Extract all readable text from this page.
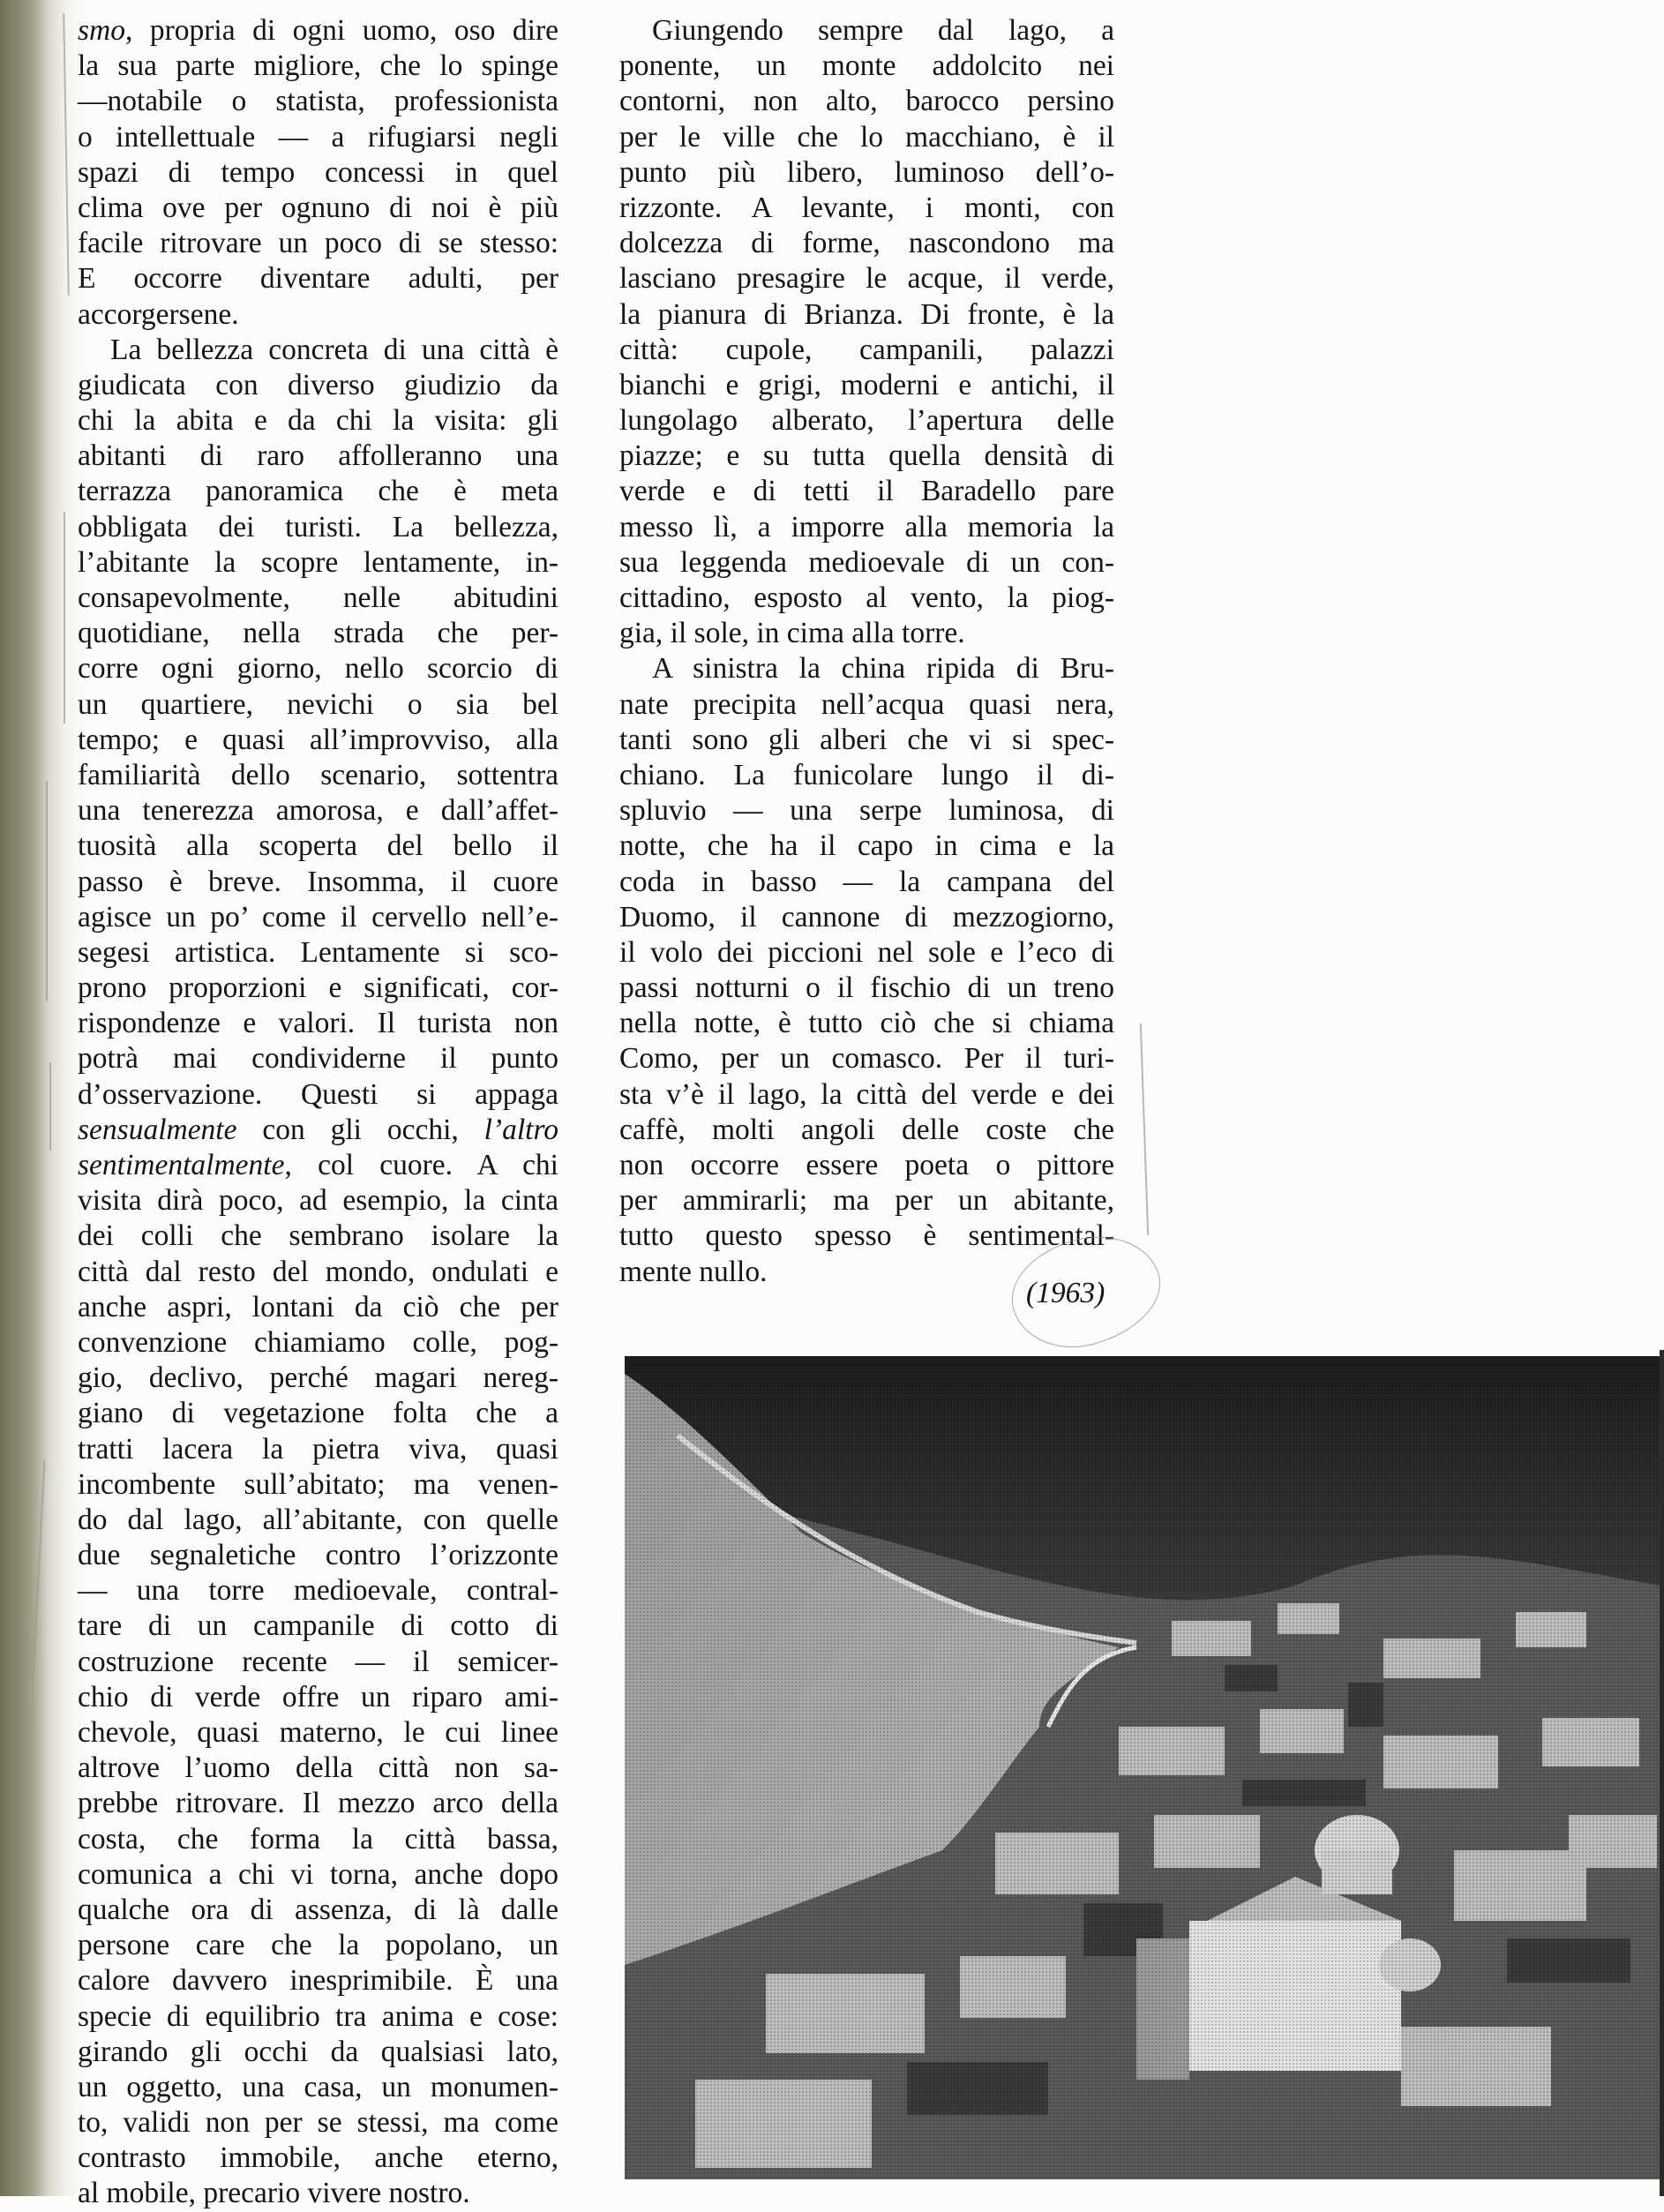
smo, propria di ogni uomo, oso dire
la sua parte migliore, che lo spinge
—notabile o statista, professionista
o intellettuale — a rifugiarsi negli
spazi di tempo concessi in quel
clima ove per ognuno di noi è più
facile ritrovare un poco di se stesso:
E occorre diventare adulti, per
accorgersene.
La bellezza concreta di una città è
giudicata con diverso giudizio da
chi la abita e da chi la visita: gli
abitanti di raro affolleranno una
terrazza panoramica che è meta
obbligata dei turisti. La bellezza,
l’abitante la scopre lentamente, in-
consapevolmente, nelle abitudini
quotidiane, nella strada che per-
corre ogni giorno, nello scorcio di
un quartiere, nevichi o sia bel
tempo; e quasi all’improvviso, alla
familiarità dello scenario, sottentra
una tenerezza amorosa, e dall’affet-
tuosità alla scoperta del bello il
passo è breve. Insomma, il cuore
agisce un po’ come il cervello nell’e-
segesi artistica. Lentamente si sco-
prono proporzioni e significati, cor-
rispondenze e valori. Il turista non
potrà mai condividerne il punto
d’osservazione. Questi si appaga
sensualmente con gli occhi, l’altro
sentimentalmente, col cuore. A chi
visita dirà poco, ad esempio, la cinta
dei colli che sembrano isolare la
città dal resto del mondo, ondulati e
anche aspri, lontani da ciò che per
convenzione chiamiamo colle, pog-
gio, declivo, perché magari nereg-
giano di vegetazione folta che a
tratti lacera la pietra viva, quasi
incombente sull’abitato; ma venen-
do dal lago, all’abitante, con quelle
due segnaletiche contro l’orizzonte
— una torre medioevale, contral-
tare di un campanile di cotto di
costruzione recente — il semicer-
chio di verde offre un riparo ami-
chevole, quasi materno, le cui linee
altrove l’uomo della città non sa-
prebbe ritrovare. Il mezzo arco della
costa, che forma la città bassa,
comunica a chi vi torna, anche dopo
qualche ora di assenza, di là dalle
persone care che la popolano, un
calore davvero inesprimibile. È una
specie di equilibrio tra anima e cose:
girando gli occhi da qualsiasi lato,
un oggetto, una casa, un monumen-
to, validi non per se stessi, ma come
contrasto immobile, anche eterno,
al mobile, precario vivere nostro.
Giungendo sempre dal lago, a
ponente, un monte addolcito nei
contorni, non alto, barocco persino
per le ville che lo macchiano, è il
punto più libero, luminoso dell’o-
rizzonte. A levante, i monti, con
dolcezza di forme, nascondono ma
lasciano presagire le acque, il verde,
la pianura di Brianza. Di fronte, è la
città: cupole, campanili, palazzi
bianchi e grigi, moderni e antichi, il
lungolago alberato, l’apertura delle
piazze; e su tutta quella densità di
verde e di tetti il Baradello pare
messo lì, a imporre alla memoria la
sua leggenda medioevale di un con-
cittadino, esposto al vento, la piog-
gia, il sole, in cima alla torre.
A sinistra la china ripida di Bru-
nate precipita nell’acqua quasi nera,
tanti sono gli alberi che vi si spec-
chiano. La funicolare lungo il di-
spluvio — una serpe luminosa, di
notte, che ha il capo in cima e la
coda in basso — la campana del
Duomo, il cannone di mezzogiorno,
il volo dei piccioni nel sole e l’eco di
passi notturni o il fischio di un treno
nella notte, è tutto ciò che si chiama
Como, per un comasco. Per il turi-
sta v’è il lago, la città del verde e dei
caffè, molti angoli delle coste che
non occorre essere poeta o pittore
per ammirarli; ma per un abitante,
tutto questo spesso è sentimental-
mente nullo.
(1963)
